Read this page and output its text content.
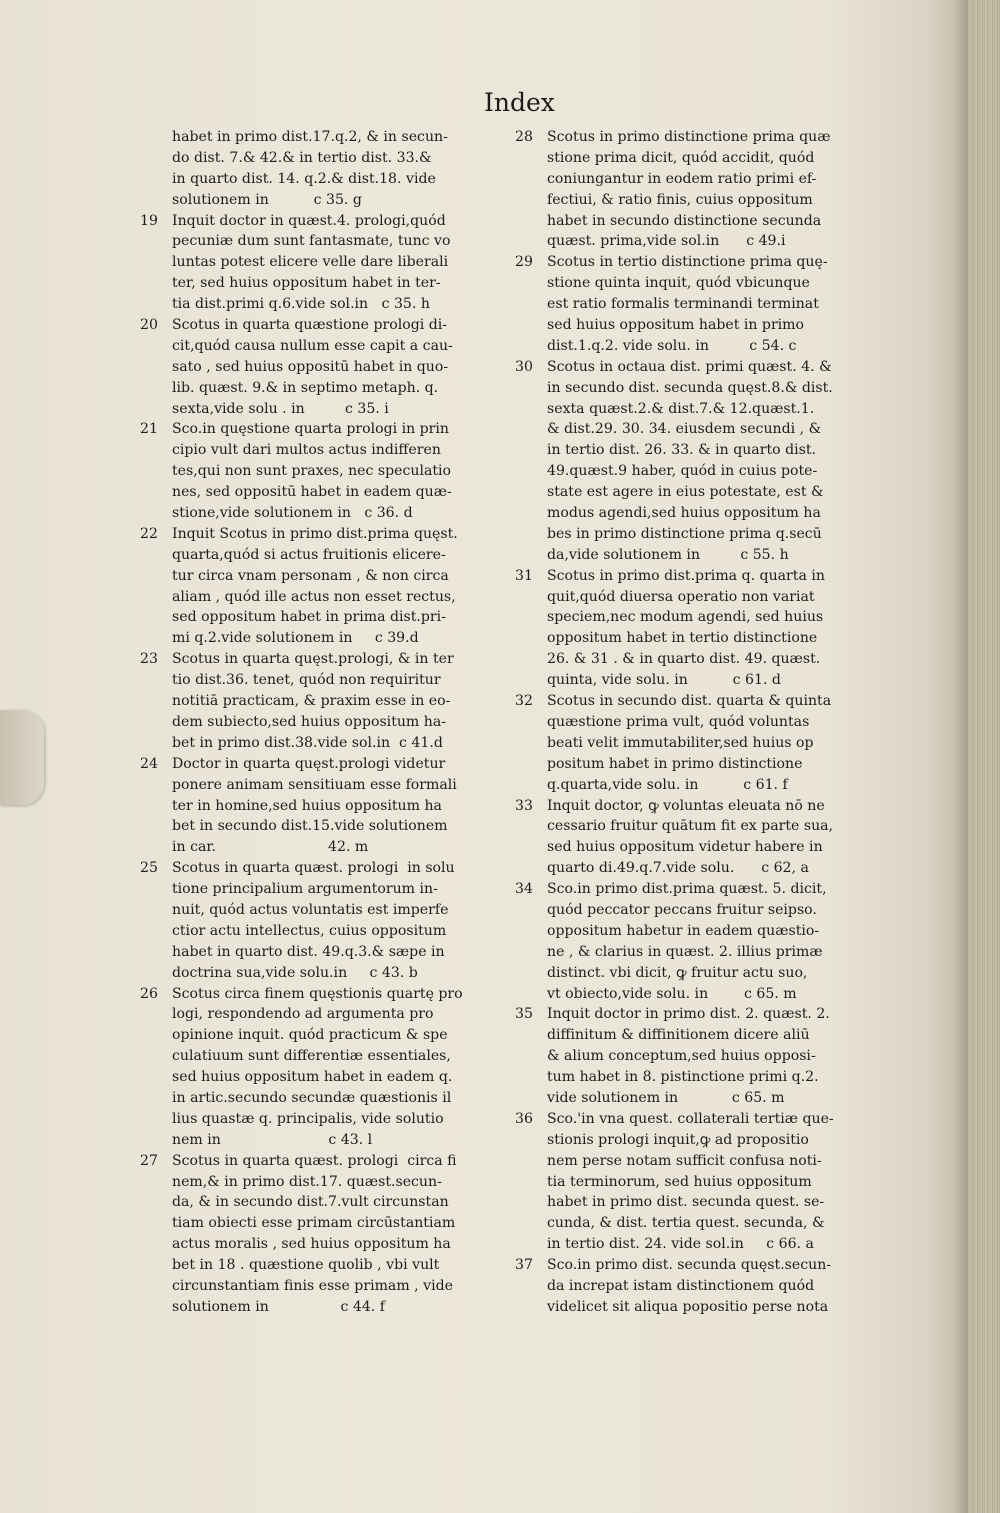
Index
habet in primo dist.17.q.2, & in secun-
do dist. 7.& 42.& in tertio dist. 33.&
in quarto dist. 14. q.2.& dist.18. vide
solutionem in          c 35. g
19 Inquit doctor in quæst.4. prologi,quód
pecuniæ dum sunt fantasmate, tunc vo
luntas potest elicere velle dare liberali
ter, sed huius oppositum habet in ter-
tia dist.primi q.6.vide sol.in   c 35. h
20 Scotus in quarta quæstione prologi di-
cit,quód causa nullum esse capit a cau-
sato , sed huius oppositū habet in quo-
lib. quæst. 9.& in septimo metaph. q.
sexta,vide solu . in         c 35. i
21 Sco.in quęstione quarta prologi in prin
cipio vult dari multos actus indifferen
tes,qui non sunt praxes, nec speculatio
nes, sed oppositū habet in eadem quæ-
stione,vide solutionem in   c 36. d
22 Inquit Scotus in primo dist.prima quęst.
quarta,quód si actus fruitionis elicere-
tur circa vnam personam , & non circa
aliam , quód ille actus non esset rectus,
sed oppositum habet in prima dist.pri-
mi q.2.vide solutionem in     c 39.d
23 Scotus in quarta quęst.prologi, & in ter
tio dist.36. tenet, quód non requiritur
notitiā practicam, & praxim esse in eo-
dem subiecto,sed huius oppositum ha-
bet in primo dist.38.vide sol.in  c 41.d
24 Doctor in quarta quęst.prologi videtur
ponere animam sensitiuam esse formali
ter in homine,sed huius oppositum ha
bet in secundo dist.15.vide solutionem
in car.                         42. m
25 Scotus in quarta quæst. prologi  in solu
tione principalium argumentorum in-
nuit, quód actus voluntatis est imperfe
ctior actu intellectus, cuius oppositum
habet in quarto dist. 49.q.3.& sæpe in
doctrina sua,vide solu.in     c 43. b
26 Scotus circa finem quęstionis quartę pro
logi, respondendo ad argumenta pro
opinione inquit. quód practicum & spe
culatiuum sunt differentiæ essentiales,
sed huius oppositum habet in eadem q.
in artic.secundo secundæ quæstionis il
lius quastæ q. principalis, vide solutio
nem in                        c 43. l
27 Scotus in quarta quæst. prologi  circa fi
nem,& in primo dist.17. quæst.secun-
da, & in secundo dist.7.vult circunstan
tiam obiecti esse primam circūstantiam
actus moralis , sed huius oppositum ha
bet in 18 . quæstione quolib , vbi vult
circunstantiam finis esse primam , vide
solutionem in                c 44. f
28 Scotus in primo distinctione prima quæ
stione prima dicit, quód accidit, quód
coniungantur in eodem ratio primi ef-
fectiui, & ratio finis, cuius oppositum
habet in secundo distinctione secunda
quæst. prima,vide sol.in      c 49.i
29 Scotus in tertio distinctione prima quę-
stione quinta inquit, quód vbicunque
est ratio formalis terminandi terminat
sed huius oppositum habet in primo
dist.1.q.2. vide solu. in         c 54. c
30 Scotus in octaua dist. primi quæst. 4. &
in secundo dist. secunda quęst.8.& dist.
sexta quæst.2.& dist.7.& 12.quæst.1.
& dist.29. 30. 34. eiusdem secundi , &
in tertio dist. 26. 33. & in quarto dist.
49.quæst.9 haber, quód in cuius pote-
state est agere in eius potestate, est &
modus agendi,sed huius oppositum ha
bes in primo distinctione prima q.secū
da,vide solutionem in         c 55. h
31 Scotus in primo dist.prima q. quarta in
quit,quód diuersa operatio non variat
speciem,nec modum agendi, sed huius
oppositum habet in tertio distinctione
26. & 31 . & in quarto dist. 49. quæst.
quinta, vide solu. in          c 61. d
32 Scotus in secundo dist. quarta & quinta
quæstione prima vult, quód voluntas
beati velit immutabiliter,sed huius op
positum habet in primo distinctione
q.quarta,vide solu. in          c 61. f
33 Inquit doctor, ꝙ voluntas eleuata nō ne
cessario fruitur quātum fit ex parte sua,
sed huius oppositum videtur habere in
quarto di.49.q.7.vide solu.      c 62, a
34 Sco.in primo dist.prima quæst. 5. dicit,
quód peccator peccans fruitur seipso.
oppositum habetur in eadem quæstio-
ne , & clarius in quæst. 2. illius primæ
distinct. vbi dicit, ꝙ fruitur actu suo,
vt obiecto,vide solu. in        c 65. m
35 Inquit doctor in primo dist. 2. quæst. 2.
diffinitum & diffinitionem dicere aliū
& alium conceptum,sed huius opposi-
tum habet in 8. pistinctione primi q.2.
vide solutionem in            c 65. m
36 Sco.'in vna quest. collaterali tertiæ que-
stionis prologi inquit,ꝙ ad propositio
nem perse notam sufficit confusa noti-
tia terminorum, sed huius oppositum
habet in primo dist. secunda quest. se-
cunda, & dist. tertia quest. secunda, &
in tertio dist. 24. vide sol.in     c 66. a
37 Sco.in primo dist. secunda quęst.secun-
da increpat istam distinctionem quód
videlicet sit aliqua popositio perse nota
